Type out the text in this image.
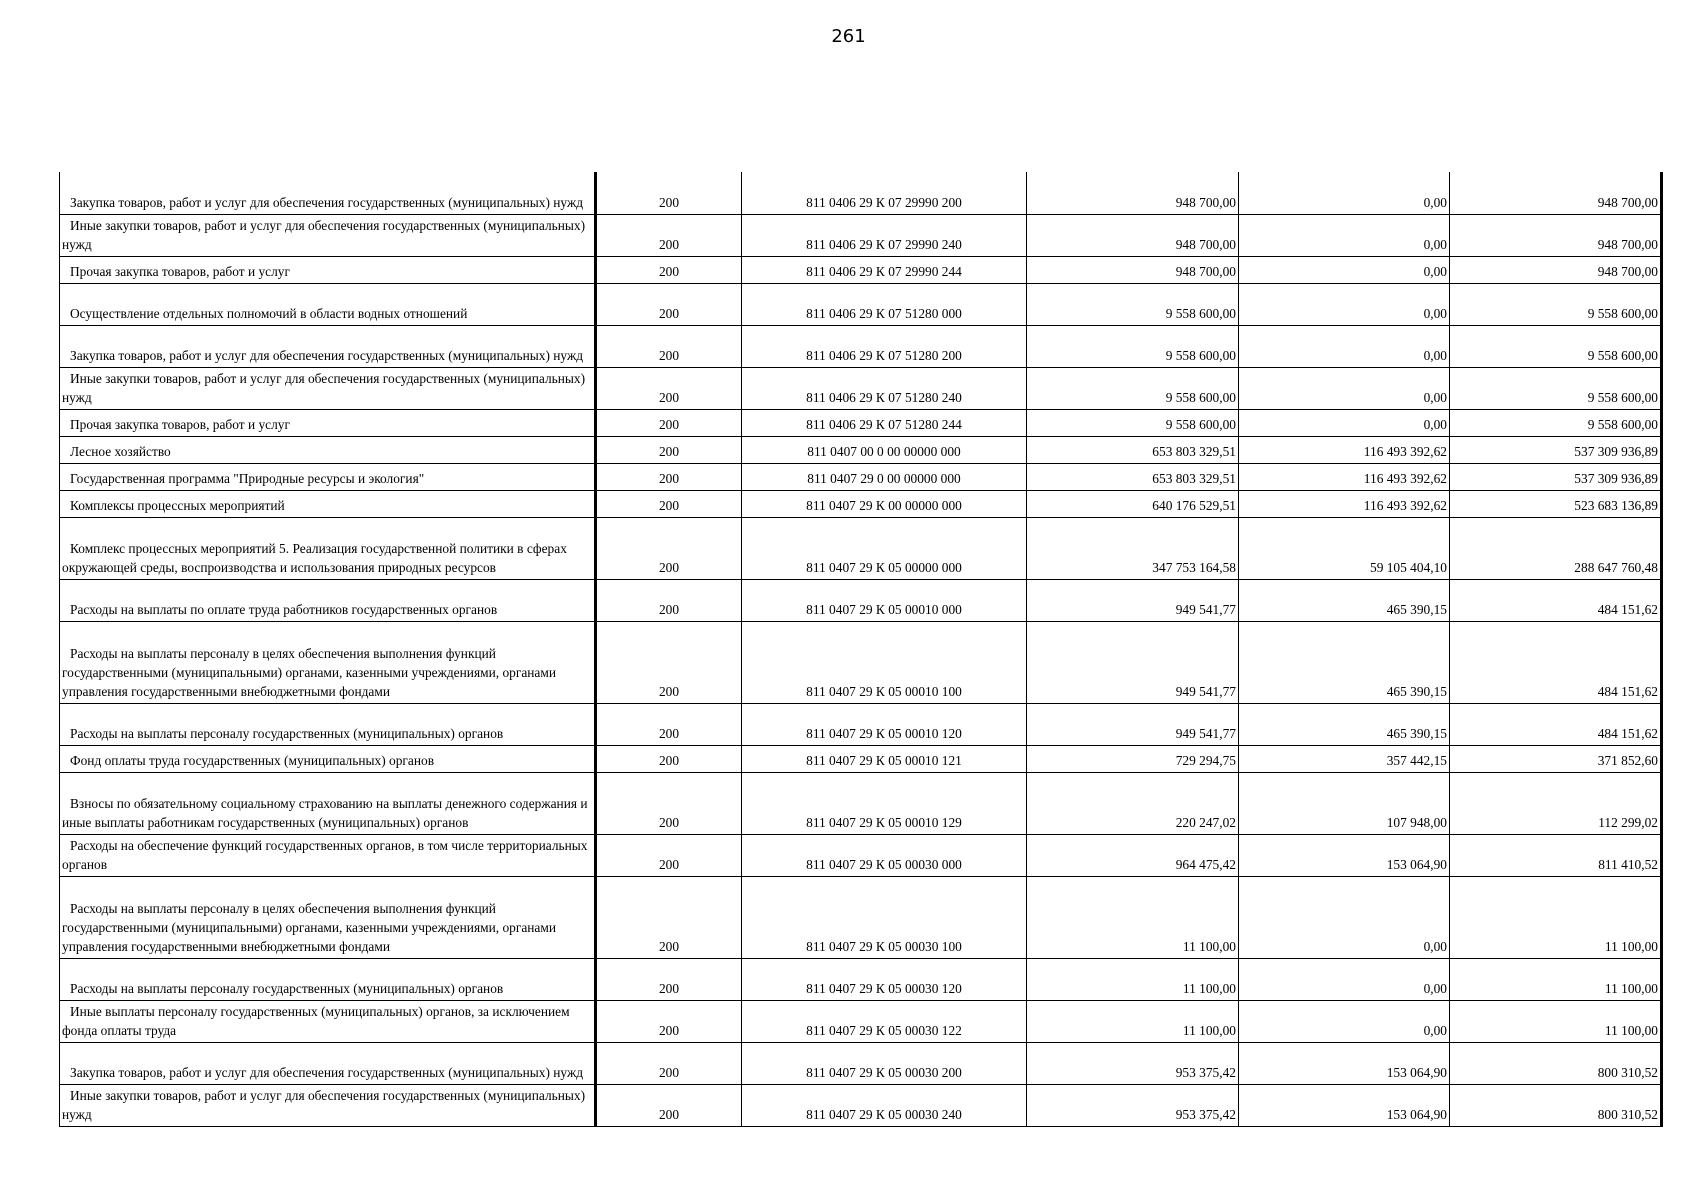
261
Закупка товаров, работ и услуг для обеспечения государственных (муниципальных) нужд	200	811 0406 29 К 07 29990 200	948 700,00	0,00	948 700,00

Иные закупки товаров, работ и услуг для обеспечения государственных (муниципальных) нужд	200	811 0406 29 К 07 29990 240	948 700,00	0,00	948 700,00

Прочая закупка товаров, работ и услуг	200	811 0406 29 К 07 29990 244	948 700,00	0,00	948 700,00

Осуществление отдельных полномочий в области водных отношений	200	811 0406 29 К 07 51280 000	9 558 600,00	0,00	9 558 600,00

Закупка товаров, работ и услуг для обеспечения государственных (муниципальных) нужд	200	811 0406 29 К 07 51280 200	9 558 600,00	0,00	9 558 600,00

Иные закупки товаров, работ и услуг для обеспечения государственных (муниципальных) нужд	200	811 0406 29 К 07 51280 240	9 558 600,00	0,00	9 558 600,00

Прочая закупка товаров, работ и услуг	200	811 0406 29 К 07 51280 244	9 558 600,00	0,00	9 558 600,00

Лесное хозяйство	200	811 0407 00 0 00 00000 000	653 803 329,51	116 493 392,62	537 309 936,89

Государственная программа "Природные ресурсы и экология"	200	811 0407 29 0 00 00000 000	653 803 329,51	116 493 392,62	537 309 936,89

Комплексы процессных мероприятий	200	811 0407 29 К 00 00000 000	640 176 529,51	116 493 392,62	523 683 136,89

Комплекс процессных мероприятий 5. Реализация государственной политики в сферах окружающей среды, воспроизводства и использования природных ресурсов	200	811 0407 29 К 05 00000 000	347 753 164,58	59 105 404,10	288 647 760,48

Расходы на выплаты по оплате труда работников государственных органов	200	811 0407 29 К 05 00010 000	949 541,77	465 390,15	484 151,62

Расходы на выплаты персоналу в целях обеспечения выполнения функций государственными (муниципальными) органами, казенными учреждениями, органами управления государственными внебюджетными фондами	200	811 0407 29 К 05 00010 100	949 541,77	465 390,15	484 151,62

Расходы на выплаты персоналу государственных (муниципальных) органов	200	811 0407 29 К 05 00010 120	949 541,77	465 390,15	484 151,62

Фонд оплаты труда государственных (муниципальных) органов	200	811 0407 29 К 05 00010 121	729 294,75	357 442,15	371 852,60

Взносы по обязательному социальному страхованию на выплаты денежного содержания и иные выплаты работникам государственных (муниципальных) органов	200	811 0407 29 К 05 00010 129	220 247,02	107 948,00	112 299,02

Расходы на обеспечение функций государственных органов, в том числе территориальных органов	200	811 0407 29 К 05 00030 000	964 475,42	153 064,90	811 410,52

Расходы на выплаты персоналу в целях обеспечения выполнения функций государственными (муниципальными) органами, казенными учреждениями, органами управления государственными внебюджетными фондами	200	811 0407 29 К 05 00030 100	11 100,00	0,00	11 100,00

Расходы на выплаты персоналу государственных (муниципальных) органов	200	811 0407 29 К 05 00030 120	11 100,00	0,00	11 100,00

Иные выплаты персоналу государственных (муниципальных) органов, за исключением фонда оплаты труда	200	811 0407 29 К 05 00030 122	11 100,00	0,00	11 100,00

Закупка товаров, работ и услуг для обеспечения государственных (муниципальных) нужд	200	811 0407 29 К 05 00030 200	953 375,42	153 064,90	800 310,52

Иные закупки товаров, работ и услуг для обеспечения государственных (муниципальных) нужд	200	811 0407 29 К 05 00030 240	953 375,42	153 064,90	800 310,52
